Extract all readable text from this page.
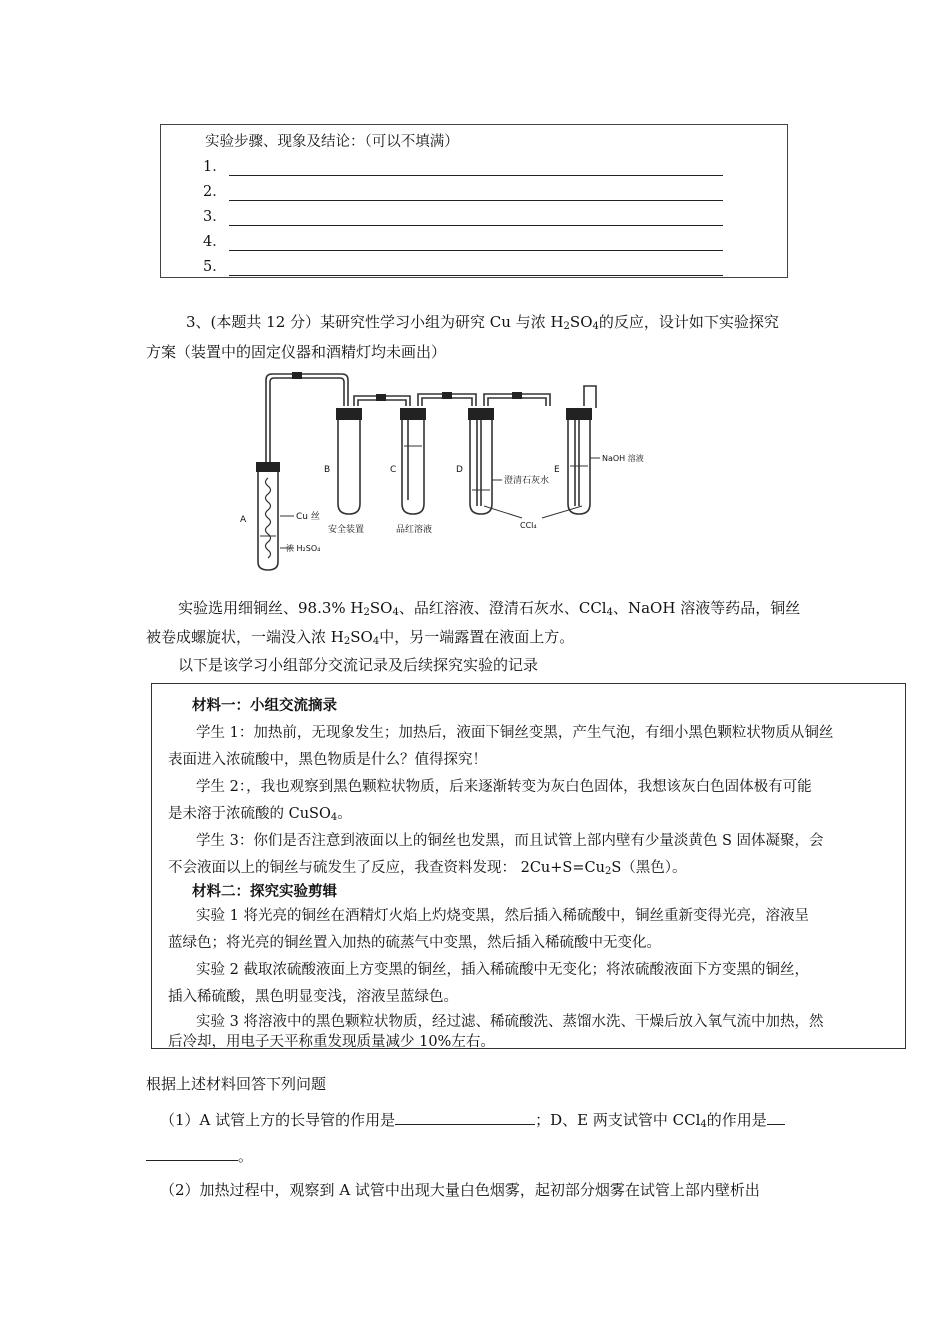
实验步骤、现象及结论：（可以不填满）
1．
2．
3．
4．
5．
3、(本题共 12 分）某研究性学习小组为研究 Cu 与浓 $H_2SO_4$的反应，设计如下实验探究
方案（装置中的固定仪器和酒精灯均未画出）
A
B	C	D	E
Cu 丝
浓 H₂SO₄
安全装置	品红溶液
澄清石灰水
NaOH 溶液
CCl₄
实验选用细铜丝、98.3% $H_2SO_4$、品红溶液、澄清石灰水、CCl$_4$、NaOH 溶液等药品，铜丝
被卷成螺旋状，一端没入浓 $H_2SO_4$中，另一端露置在液面上方。
以下是该学习小组部分交流记录及后续探究实验的记录
材料一：小组交流摘录
学生 1：加热前，无现象发生；加热后，液面下铜丝变黑，产生气泡，有细小黑色颗粒状物质从铜丝
表面进入浓硫酸中，黑色物质是什么？值得探究！
学生 2：，我也观察到黑色颗粒状物质，后来逐渐转变为灰白色固体，我想该灰白色固体极有可能
是未溶于浓硫酸的 CuSO$_4$。
学生 3：你们是否注意到液面以上的铜丝也发黑，而且试管上部内壁有少量淡黄色 S 固体凝聚，会
不会液面以上的铜丝与硫发生了反应，我查资料发现： $2Cu+S=Cu_2S$（黑色）。
材料二：探究实验剪辑
实验 1 将光亮的铜丝在酒精灯火焰上灼烧变黑，然后插入稀硫酸中，铜丝重新变得光亮，溶液呈
蓝绿色；将光亮的铜丝置入加热的硫蒸气中变黑，然后插入稀硫酸中无变化。
实验 2 截取浓硫酸液面上方变黑的铜丝，插入稀硫酸中无变化；将浓硫酸液面下方变黑的铜丝，
插入稀硫酸，黑色明显变浅，溶液呈蓝绿色。
实验 3 将溶液中的黑色颗粒状物质，经过滤、稀硫酸洗、蒸馏水洗、干燥后放入氧气流中加热，然
后冷却，用电子天平称重发现质量减少 10%左右。
根据上述材料回答下列问题
（1）A 试管上方的长导管的作用是	；D、E 两支试管中 CCl$_4$的作用是
。
（2）加热过程中，观察到 A 试管中出现大量白色烟雾，起初部分烟雾在试管上部内壁析出
